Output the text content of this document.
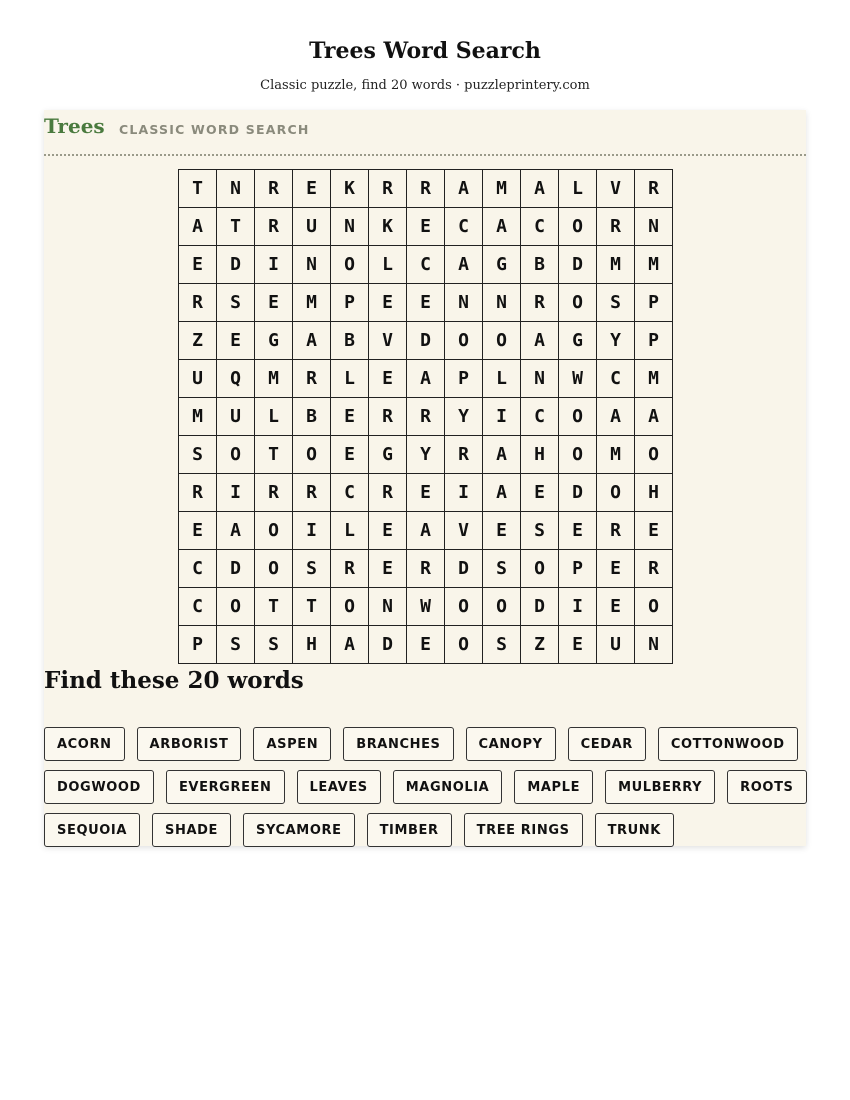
Trees Word Search
Classic puzzle, find 20 words · puzzleprintery.com
Trees CLASSIC WORD SEARCH
T	N	R	E	K	R	R	A	M	A	L	V	R
A	T	R	U	N	K	E	C	A	C	O	R	N
E	D	I	N	O	L	C	A	G	B	D	M	M
R	S	E	M	P	E	E	N	N	R	O	S	P
Z	E	G	A	B	V	D	O	O	A	G	Y	P
U	Q	M	R	L	E	A	P	L	N	W	C	M
M	U	L	B	E	R	R	Y	I	C	O	A	A
S	O	T	O	E	G	Y	R	A	H	O	M	O
R	I	R	R	C	R	E	I	A	E	D	O	H
E	A	O	I	L	E	A	V	E	S	E	R	E
C	D	O	S	R	E	R	D	S	O	P	E	R
C	O	T	T	O	N	W	O	O	D	I	E	O
P	S	S	H	A	D	E	O	S	Z	E	U	N
Find these 20 words
ACORN	ARBORIST	ASPEN	BRANCHES	CANOPY	CEDAR	COTTONWOOD
DOGWOOD	EVERGREEN	LEAVES	MAGNOLIA	MAPLE	MULBERRY	ROOTS
SEQUOIA	SHADE	SYCAMORE	TIMBER	TREE RINGS	TRUNK
